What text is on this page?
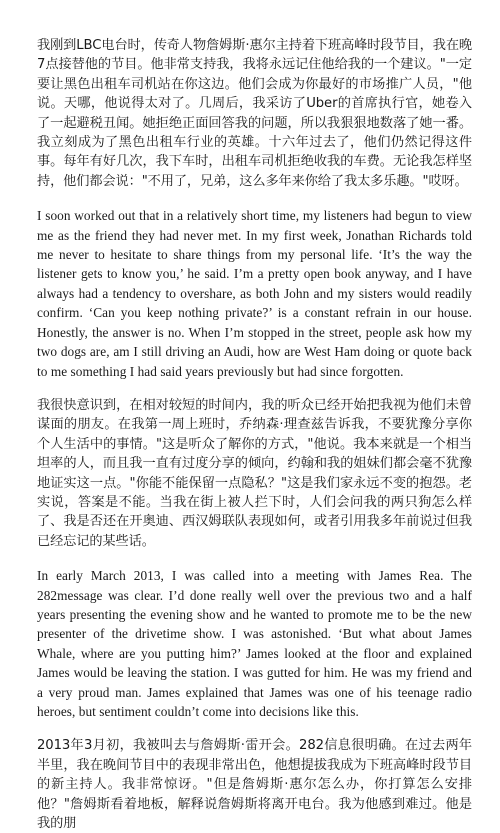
我刚到LBC电台时，传奇人物詹姆斯·惠尔主持着下班高峰时段节目，我在晚7点接替他的节目。他非常支持我，我将永远记住他给我的一个建议。"一定要让黑色出租车司机站在你这边。他们会成为你最好的市场推广人员，"他说。天哪，他说得太对了。几周后，我采访了Uber的首席执行官，她卷入了一起避税丑闻。她拒绝正面回答我的问题，所以我狠狠地数落了她一番。我立刻成为了黑色出租车行业的英雄。十六年过去了，他们仍然记得这件事。每年有好几次，我下车时，出租车司机拒绝收我的车费。无论我怎样坚持，他们都会说："不用了，兄弟，这么多年来你给了我太多乐趣。"哎呀。

I soon worked out that in a relatively short time, my listeners had begun to view me as the friend they had never met. In my first week, Jonathan Richards told me never to hesitate to share things from my personal life. ‘It’s the way the listener gets to know you,’ he said. I’m a pretty open book anyway, and I have always had a tendency to overshare, as both John and my sisters would readily confirm. ‘Can you keep nothing private?’ is a constant refrain in our house. Honestly, the answer is no. When I’m stopped in the street, people ask how my two dogs are, am I still driving an Audi, how are West Ham doing or quote back to me something I had said years previously but had since forgotten.

我很快意识到，在相对较短的时间内，我的听众已经开始把我视为他们未曾谋面的朋友。在我第一周上班时，乔纳森·理查兹告诉我，不要犹豫分享你个人生活中的事情。"这是听众了解你的方式，"他说。我本来就是一个相当坦率的人，而且我一直有过度分享的倾向，约翰和我的姐妹们都会毫不犹豫地证实这一点。"你能不能保留一点隐私？"这是我们家永远不变的抱怨。老实说，答案是不能。当我在街上被人拦下时，人们会问我的两只狗怎么样了、我是否还在开奥迪、西汉姆联队表现如何，或者引用我多年前说过但我已经忘记的某些话。

In early March 2013, I was called into a meeting with James Rea. The 282message was clear. I’d done really well over the previous two and a half years presenting the evening show and he wanted to promote me to be the new presenter of the drivetime show. I was astonished. ‘But what about James Whale, where are you putting him?’ James looked at the floor and explained James would be leaving the station. I was gutted for him. He was my friend and a very proud man. James explained that James was one of his teenage radio heroes, but sentiment couldn’t come into decisions like this.

2013年3月初，我被叫去与詹姆斯·雷开会。282信息很明确。在过去两年半里，我在晚间节目中的表现非常出色，他想提拔我成为下班高峰时段节目的新主持人。我非常惊讶。"但是詹姆斯·惠尔怎么办，你打算怎么安排他？"詹姆斯看着地板，解释说詹姆斯将离开电台。我为他感到难过。他是我的朋
